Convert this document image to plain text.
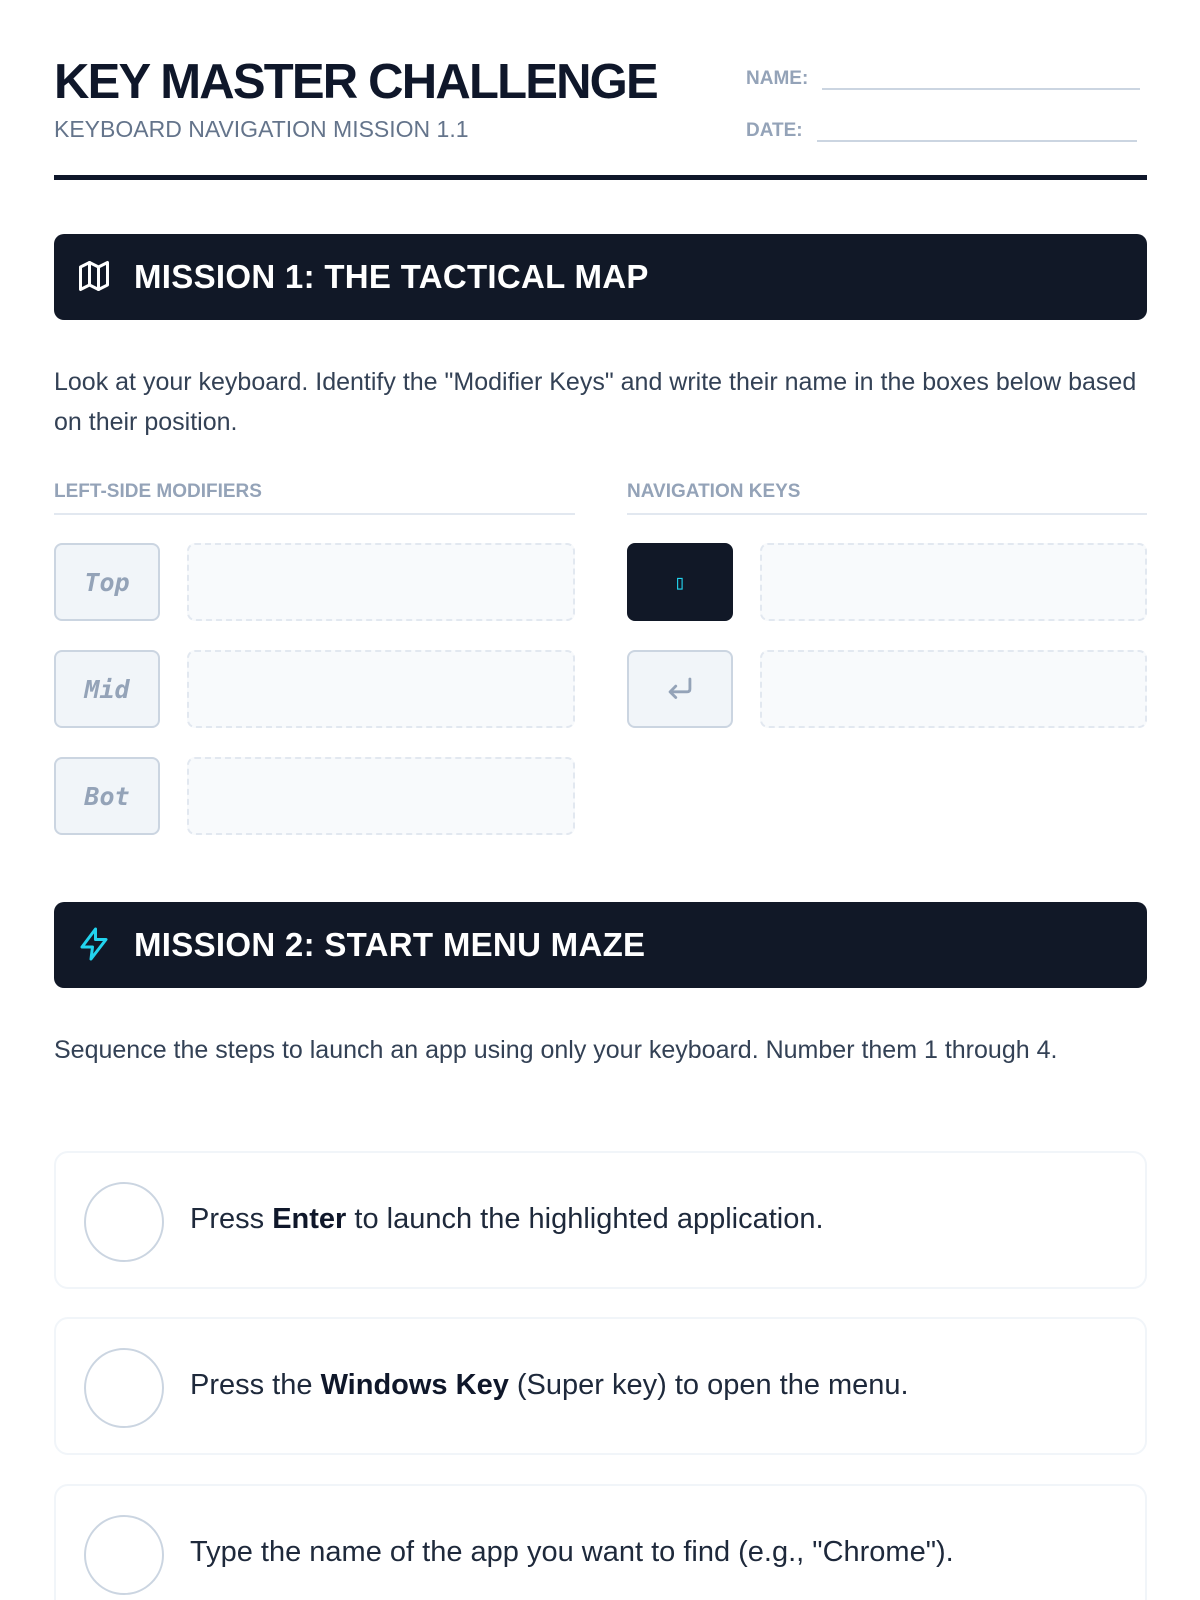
KEY MASTER CHALLENGE
KEYBOARD NAVIGATION MISSION 1.1
NAME:
DATE:
MISSION 1: THE TACTICAL MAP
Look at your keyboard. Identify the "Modifier Keys" and write their name in the boxes below based on their position.
LEFT-SIDE MODIFIERS
Top
Mid
Bot
NAVIGATION KEYS
▯
MISSION 2: START MENU MAZE
Sequence the steps to launch an app using only your keyboard. Number them 1 through 4.
Press Enter to launch the highlighted application.
Press the Windows Key (Super key) to open the menu.
Type the name of the app you want to find (e.g., "Chrome").
